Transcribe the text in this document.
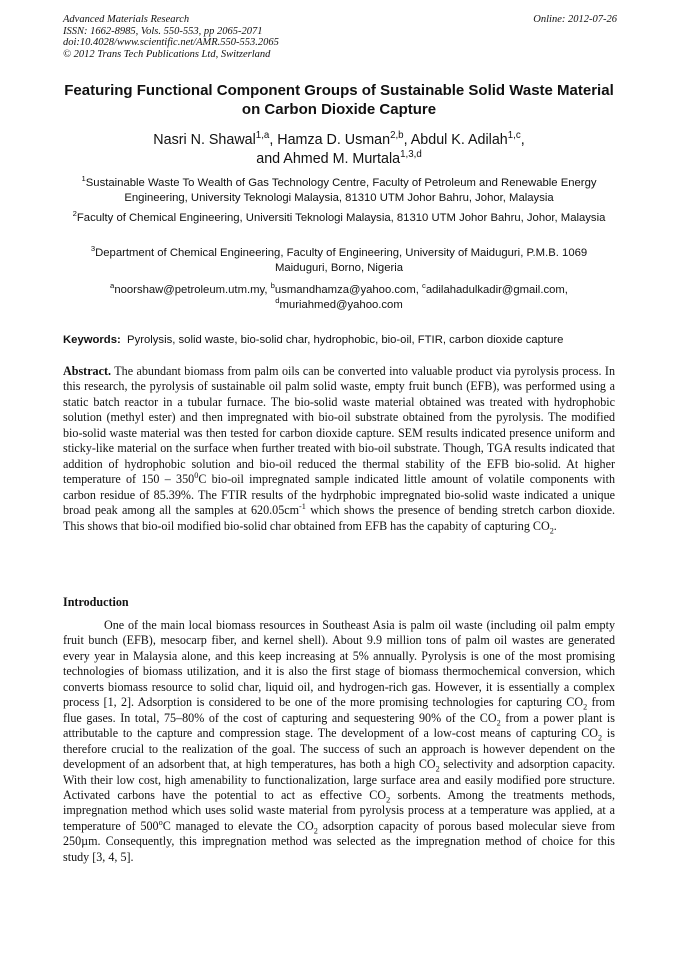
Advanced Materials Research
ISSN: 1662-8985, Vols. 550-553, pp 2065-2071
doi:10.4028/www.scientific.net/AMR.550-553.2065
© 2012 Trans Tech Publications Ltd, Switzerland
Online: 2012-07-26
Featuring Functional Component Groups of Sustainable Solid Waste Material on Carbon Dioxide Capture
Nasri N. Shawal$^{1,a}$, Hamza D. Usman$^{2,b}$, Abdul K. Adilah$^{1,c}$,
and Ahmed M. Murtala$^{1,3,d}$
$^1$Sustainable Waste To Wealth of Gas Technology Centre, Faculty of Petroleum and Renewable Energy Engineering, University Teknologi Malaysia, 81310 UTM Johor Bahru, Johor, Malaysia
$^2$Faculty of Chemical Engineering, Universiti Teknologi Malaysia, 81310 UTM Johor Bahru, Johor, Malaysia
$^3$Department of Chemical Engineering, Faculty of Engineering, University of Maiduguri, P.M.B. 1069 Maiduguri, Borno, Nigeria
$^a$noorshaw@petroleum.utm.my, $^b$usmandhamza@yahoo.com, $^c$adilahadulkadir@gmail.com,
$^d$muriahmed@yahoo.com
Keywords: Pyrolysis, solid waste, bio-solid char, hydrophobic, bio-oil, FTIR, carbon dioxide capture
Abstract. The abundant biomass from palm oils can be converted into valuable product via pyrolysis process. In this research, the pyrolysis of sustainable oil palm solid waste, empty fruit bunch (EFB), was performed using a static batch reactor in a tubular furnace. The bio-solid waste material obtained was treated with hydrophobic solution (methyl ester) and then impregnated with bio-oil substrate obtained from the pyrolysis. The modified bio-solid waste material was then tested for carbon dioxide capture. SEM results indicated presence uniform and sticky-like material on the surface when further treated with bio-oil substrate. Though, TGA results indicated that addition of hydrophobic solution and bio-oil reduced the thermal stability of the EFB bio-solid. At higher temperature of $150 - 350^0C$ bio-oil impregnated sample indicated little amount of volatile components with carbon residue of 85.39%. The FTIR results of the hydrphobic impregnated bio-solid waste indicated a unique broad peak among all the samples at $620.05cm^{-1}$ which shows the presence of bending stretch carbon dioxide. This shows that bio-oil modified bio-solid char obtained from EFB has the capabity of capturing $CO_2$.
Introduction
One of the main local biomass resources in Southeast Asia is palm oil waste (including oil palm empty fruit bunch (EFB), mesocarp fiber, and kernel shell). About 9.9 million tons of palm oil wastes are generated every year in Malaysia alone, and this keep increasing at 5% annually. Pyrolysis is one of the most promising technologies of biomass utilization, and it is also the first stage of biomass thermochemical conversion, which converts biomass resource to solid char, liquid oil, and hydrogen-rich gas. However, it is essentially a complex process [1, 2]. Adsorption is considered to be one of the more promising technologies for capturing $CO_2$ from flue gases. In total, 75–80% of the cost of capturing and sequestering 90% of the $CO_2$ from a power plant is attributable to the capture and compression stage. The development of a low-cost means of capturing $CO_2$ is therefore crucial to the realization of the goal. The success of such an approach is however dependent on the development of an adsorbent that, at high temperatures, has both a high $CO_2$ selectivity and adsorption capacity. With their low cost, high amenability to functionalization, large surface area and easily modified pore structure. Activated carbons have the potential to act as effective $CO_2$ sorbents. Among the treatments methods, impregnation method which uses solid waste material from pyrolysis process at a temperature was applied, at a temperature of 500$^o$C managed to elevate the $CO_2$ adsorption capacity of porous based molecular sieve from 250µm. Consequently, this impregnation method was selected as the impregnation method of choice for this study [3, 4, 5].
